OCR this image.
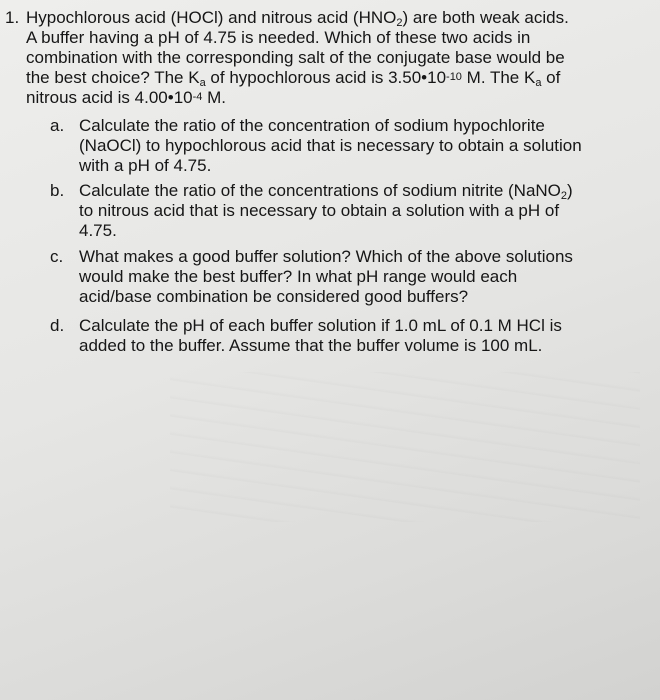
1. Hypochlorous acid (HOCl) and nitrous acid $(HNO_2)$ are both weak acids.
A buffer having a pH of 4.75 is needed. Which of these two acids in
combination with the corresponding salt of the conjugate base would be
the best choice? The $K_a$ of hypochlorous acid is $3.50•10^{-10}$ M. The $K_a$ of
nitrous acid is $4.00•10^{-4}$ M.
a. Calculate the ratio of the concentration of sodium hypochlorite
(NaOCl) to hypochlorous acid that is necessary to obtain a solution
with a pH of 4.75.
b. Calculate the ratio of the concentrations of sodium nitrite (NaNO$_2$)
to nitrous acid that is necessary to obtain a solution with a pH of
4.75.
c. What makes a good buffer solution? Which of the above solutions
would make the best buffer? In what pH range would each
acid/base combination be considered good buffers?
d. Calculate the pH of each buffer solution if 1.0 mL of 0.1 M HCl is
added to the buffer. Assume that the buffer volume is 100 mL.
